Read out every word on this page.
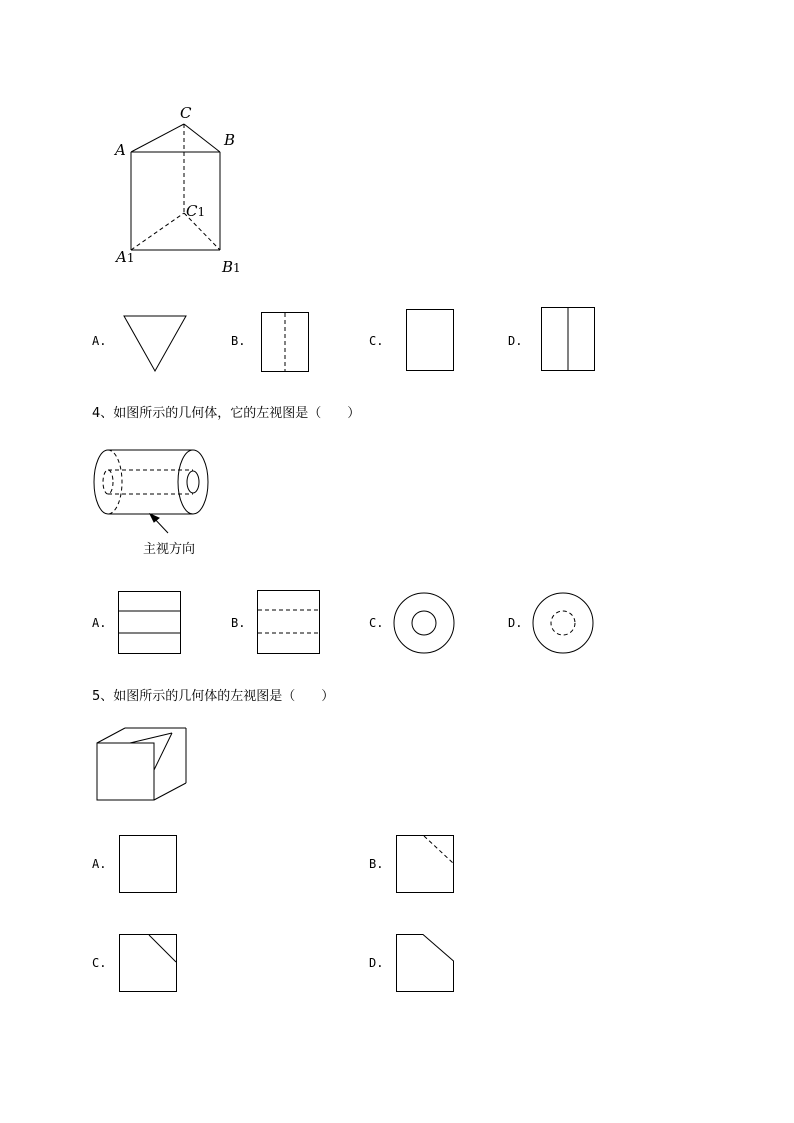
C
A
B
C1
A1	B1
A.	B.	C.	D.
4、如图所示的几何体，它的左视图是（　　）
主视方向
A.	B.	C.	D.
5、如图所示的几何体的左视图是（　　）
A.	B.
C.	D.
